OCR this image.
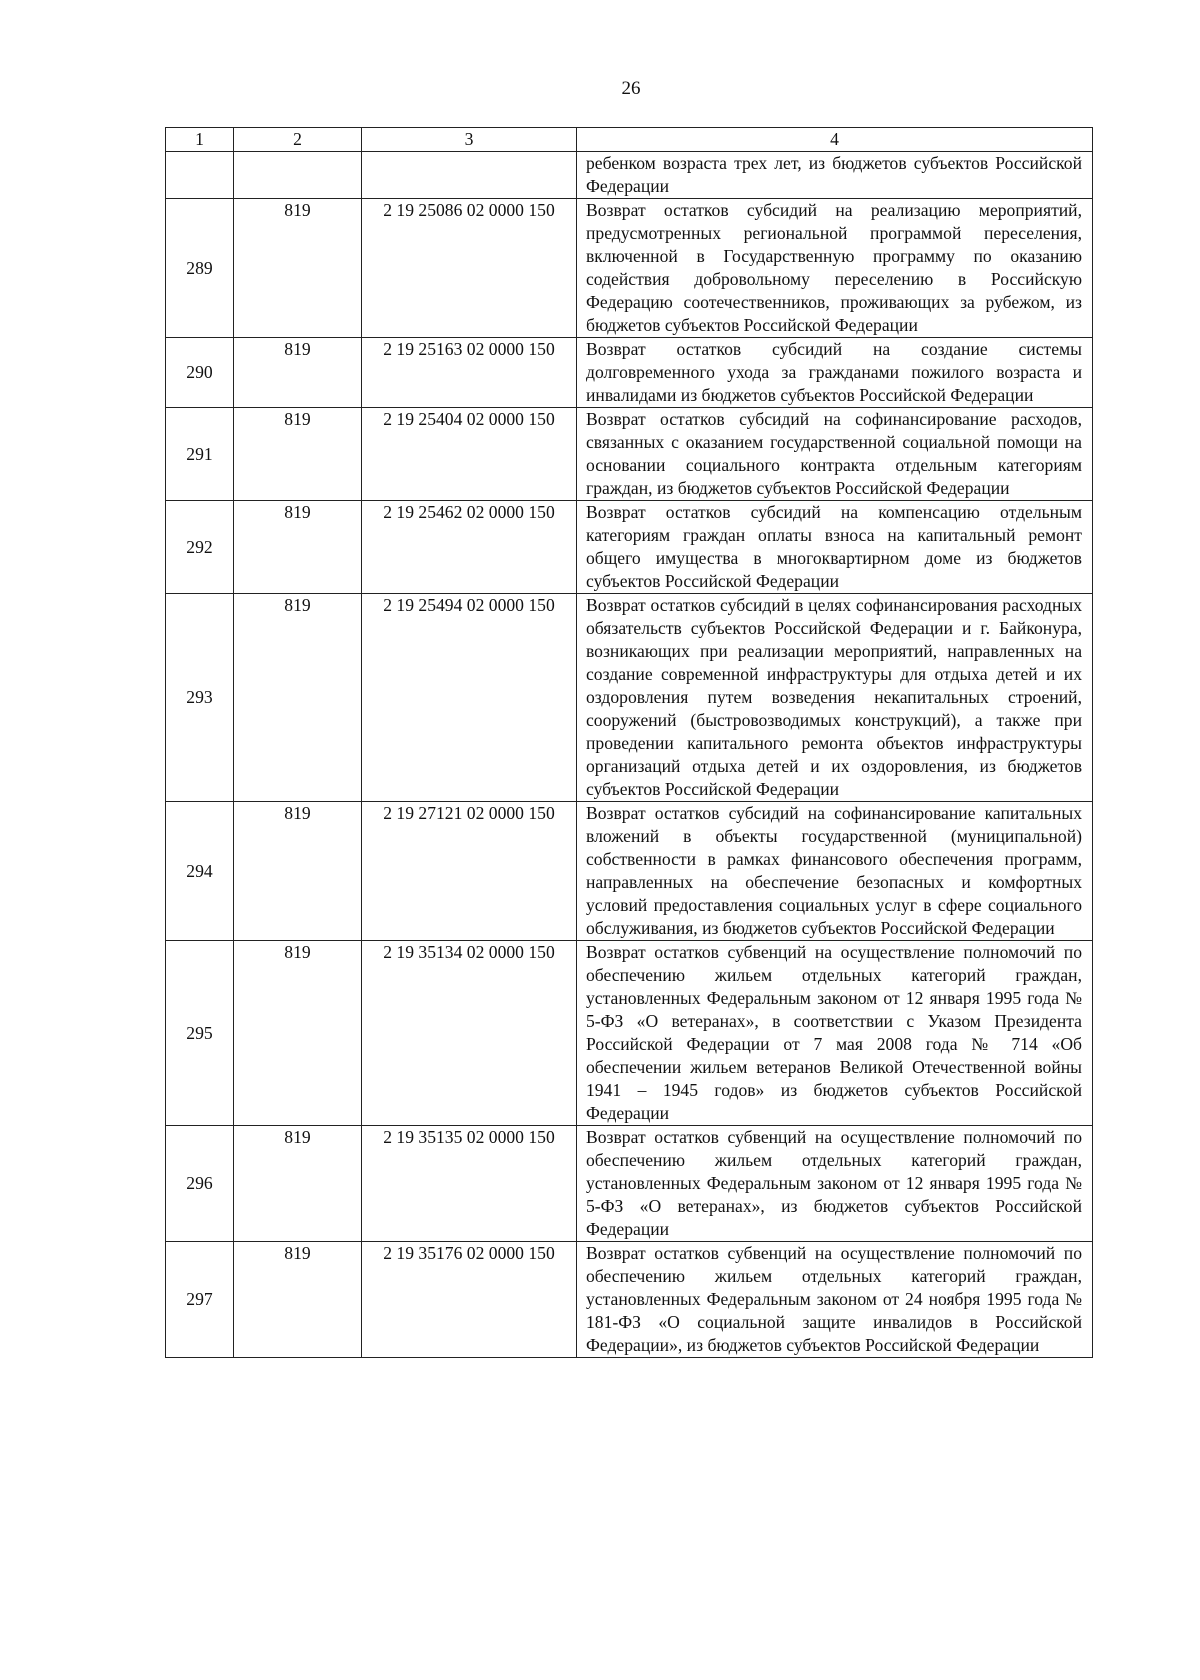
26
1	2	3	4
			ребенком возраста трех лет, из бюджетов субъектов Российской Федерации
289	819	2 19 25086 02 0000 150	Возврат остатков субсидий на реализацию мероприятий, предусмотренных региональной программой переселения, включенной в Государственную программу по оказанию содействия добровольному переселению в Российскую Федерацию соотечественников, проживающих за рубежом, из бюджетов субъектов Российской Федерации
290	819	2 19 25163 02 0000 150	Возврат остатков субсидий на создание системы долговременного ухода за гражданами пожилого возраста и инвалидами из бюджетов субъектов Российской Федерации
291	819	2 19 25404 02 0000 150	Возврат остатков субсидий на софинансирование расходов, связанных с оказанием государственной социальной помощи на основании социального контракта отдельным категориям граждан, из бюджетов субъектов Российской Федерации
292	819	2 19 25462 02 0000 150	Возврат остатков субсидий на компенсацию отдельным категориям граждан оплаты взноса на капитальный ремонт общего имущества в многоквартирном доме из бюджетов субъектов Российской Федерации
293	819	2 19 25494 02 0000 150	Возврат остатков субсидий в целях софинансирования расходных обязательств субъектов Российской Федерации и г. Байконура, возникающих при реализации мероприятий, направленных на создание современной инфраструктуры для отдыха детей и их оздоровления путем возведения некапитальных строений, сооружений (быстровозводимых конструкций), а также при проведении капитального ремонта объектов инфраструктуры организаций отдыха детей и их оздоровления, из бюджетов субъектов Российской Федерации
294	819	2 19 27121 02 0000 150	Возврат остатков субсидий на софинансирование капитальных вложений в объекты государственной (муниципальной) собственности в рамках финансового обеспечения программ, направленных на обеспечение безопасных и комфортных условий предоставления социальных услуг в сфере социального обслуживания, из бюджетов субъектов Российской Федерации
295	819	2 19 35134 02 0000 150	Возврат остатков субвенций на осуществление полномочий по обеспечению жильем отдельных категорий граждан, установленных Федеральным законом от 12 января 1995 года № 5-ФЗ «О ветеранах», в соответствии с Указом Президента Российской Федерации от 7 мая 2008 года № 714 «Об обеспечении жильем ветеранов Великой Отечественной войны 1941 – 1945 годов» из бюджетов субъектов Российской Федерации
296	819	2 19 35135 02 0000 150	Возврат остатков субвенций на осуществление полномочий по обеспечению жильем отдельных категорий граждан, установленных Федеральным законом от 12 января 1995 года № 5-ФЗ «О ветеранах», из бюджетов субъектов Российской Федерации
297	819	2 19 35176 02 0000 150	Возврат остатков субвенций на осуществление полномочий по обеспечению жильем отдельных категорий граждан, установленных Федеральным законом от 24 ноября 1995 года № 181-ФЗ «О социальной защите инвалидов в Российской Федерации», из бюджетов субъектов Российской Федерации
